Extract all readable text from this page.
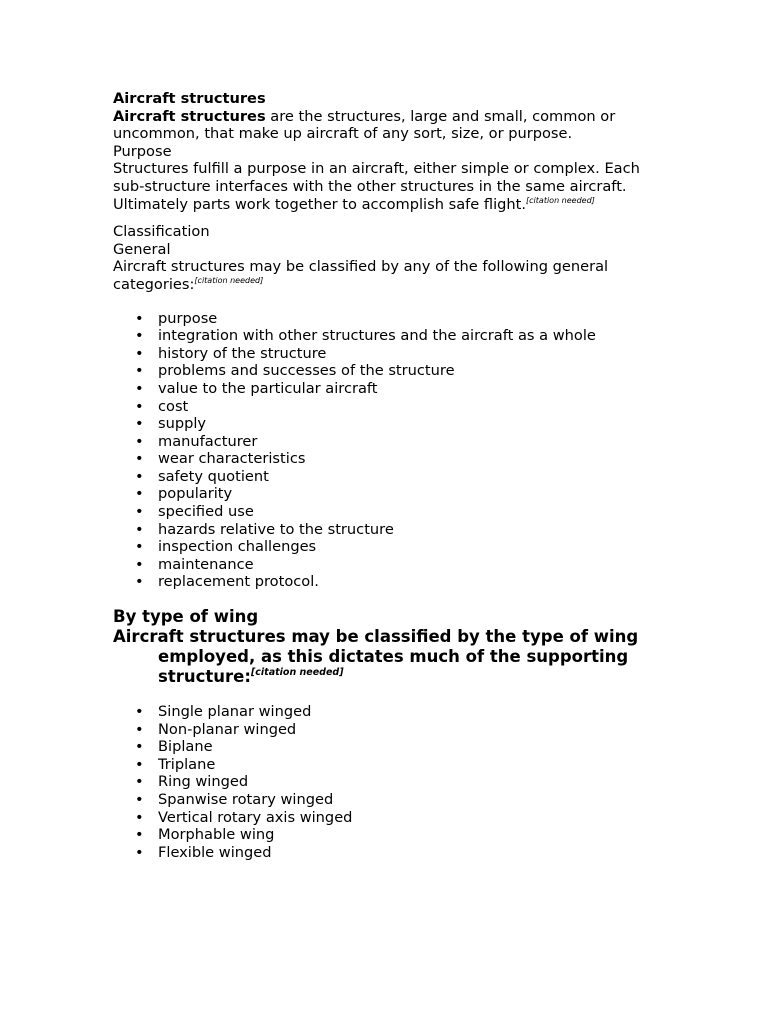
Aircraft structures

Aircraft structures are the structures, large and small, common or uncommon, that make up aircraft of any sort, size, or purpose.

Purpose

Structures fulfill a purpose in an aircraft, either simple or complex. Each sub-structure interfaces with the other structures in the same aircraft. Ultimately parts work together to accomplish safe flight.[citation needed]

Classification

General

Aircraft structures may be classified by any of the following general categories:[citation needed]

• purpose
• integration with other structures and the aircraft as a whole
• history of the structure
• problems and successes of the structure
• value to the particular aircraft
• cost
• supply
• manufacturer
• wear characteristics
• safety quotient
• popularity
• specified use
• hazards relative to the structure
• inspection challenges
• maintenance
• replacement protocol.
By type of wing

Aircraft structures may be classified by the type of wing employed, as this dictates much of the supporting structure:[citation needed]

• Single planar winged
• Non-planar winged
• Biplane
• Triplane
• Ring winged
• Spanwise rotary winged
• Vertical rotary axis winged
• Morphable wing
• Flexible winged
